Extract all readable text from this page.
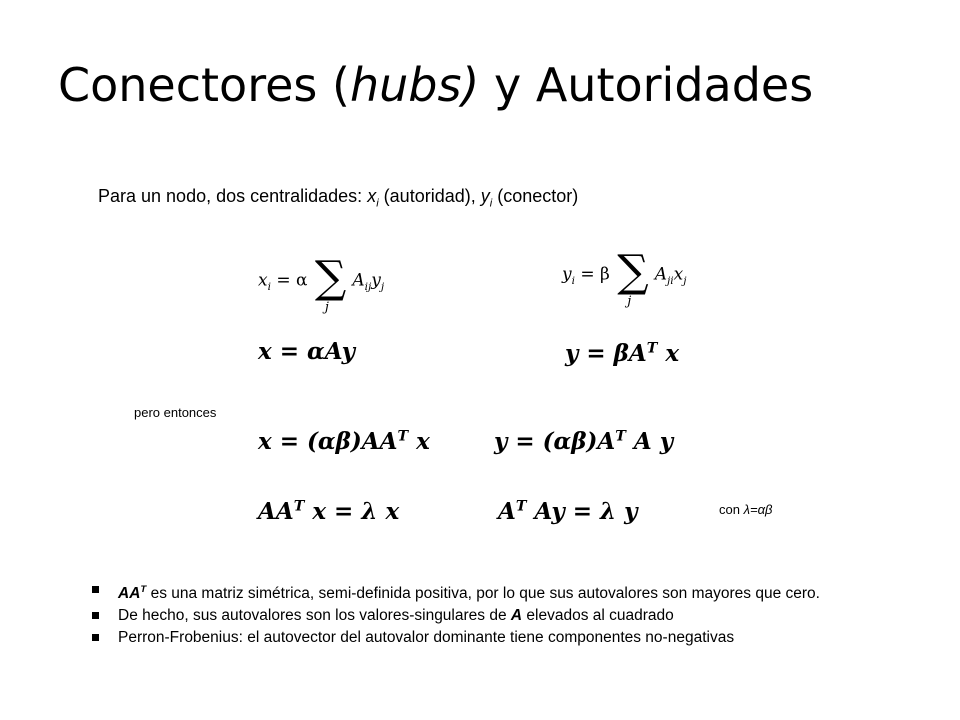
Conectores (hubs) y Autoridades
Para un nodo, dos centralidades: $x_i$ (autoridad), $y_i$ (conector)
$x_i = \alpha$ ∑
j
$A_{ij}y_j$
$y_i = \beta$ ∑
j
$A_{ji}x_j$
x = αAy	$y = \beta A^T$ x
pero entonces
$x = (\alpha\beta)AA^T$ x	$y = (\alpha\beta)A^T$ A y
$AA^T$ x = λ x	$A^T$ Ay = λ y	con λ=αβ
$AA^T$ es una matriz simétrica, semi-definida positiva, por lo que sus autovalores son mayores que cero.
De hecho, sus autovalores son los valores-singulares de A elevados al cuadrado
Perron-Frobenius: el autovector del autovalor dominante tiene componentes no-negativas
